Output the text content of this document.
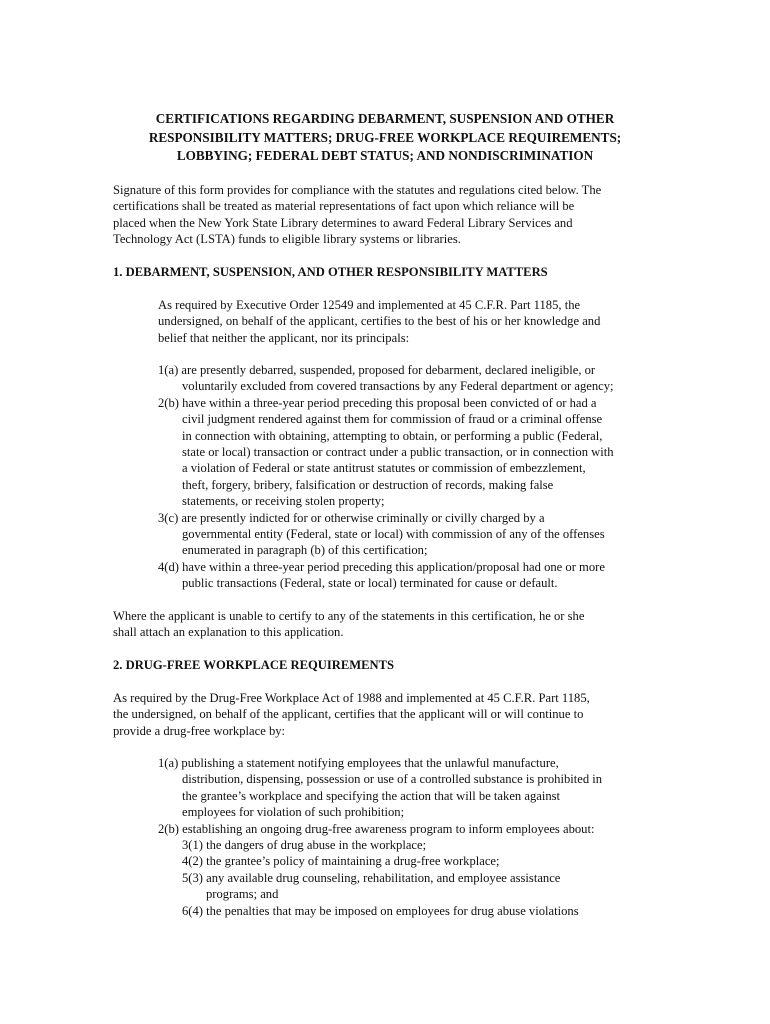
CERTIFICATIONS REGARDING DEBARMENT, SUSPENSION AND OTHER
RESPONSIBILITY MATTERS; DRUG-FREE WORKPLACE REQUIREMENTS;
LOBBYING; FEDERAL DEBT STATUS; AND NONDISCRIMINATION
Signature of this form provides for compliance with the statutes and regulations cited below. The
certifications shall be treated as material representations of fact upon which reliance will be
placed when the New York State Library determines to award Federal Library Services and
Technology Act (LSTA) funds to eligible library systems or libraries.
1. DEBARMENT, SUSPENSION, AND OTHER RESPONSIBILITY MATTERS
As required by Executive Order 12549 and implemented at 45 C.F.R. Part 1185, the
undersigned, on behalf of the applicant, certifies to the best of his or her knowledge and
belief that neither the applicant, nor its principals:
1(a) are presently debarred, suspended, proposed for debarment, declared ineligible, or
voluntarily excluded from covered transactions by any Federal department or agency;
2(b) have within a three-year period preceding this proposal been convicted of or had a
civil judgment rendered against them for commission of fraud or a criminal offense
in connection with obtaining, attempting to obtain, or performing a public (Federal,
state or local) transaction or contract under a public transaction, or in connection with
a violation of Federal or state antitrust statutes or commission of embezzlement,
theft, forgery, bribery, falsification or destruction of records, making false
statements, or receiving stolen property;
3(c) are presently indicted for or otherwise criminally or civilly charged by a
governmental entity (Federal, state or local) with commission of any of the offenses
enumerated in paragraph (b) of this certification;
4(d) have within a three-year period preceding this application/proposal had one or more
public transactions (Federal, state or local) terminated for cause or default.
Where the applicant is unable to certify to any of the statements in this certification, he or she
shall attach an explanation to this application.
2. DRUG-FREE WORKPLACE REQUIREMENTS
As required by the Drug-Free Workplace Act of 1988 and implemented at 45 C.F.R. Part 1185,
the undersigned, on behalf of the applicant, certifies that the applicant will or will continue to
provide a drug-free workplace by:
1(a) publishing a statement notifying employees that the unlawful manufacture,
distribution, dispensing, possession or use of a controlled substance is prohibited in
the grantee’s workplace and specifying the action that will be taken against
employees for violation of such prohibition;
2(b) establishing an ongoing drug-free awareness program to inform employees about:
3(1) the dangers of drug abuse in the workplace;
4(2) the grantee’s policy of maintaining a drug-free workplace;
5(3) any available drug counseling, rehabilitation, and employee assistance
programs; and
6(4) the penalties that may be imposed on employees for drug abuse violations
